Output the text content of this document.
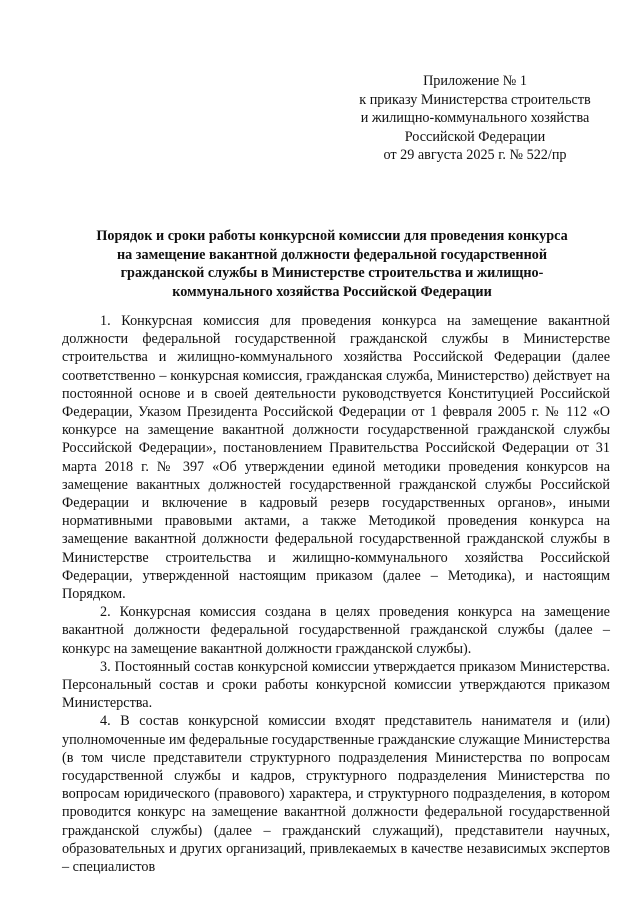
Приложение № 1
к приказу Министерства строительств
и жилищно-коммунального хозяйства
Российской Федерации
от 29 августа 2025 г. № 522/пр
Порядок и сроки работы конкурсной комиссии для проведения конкурса
на замещение вакантной должности федеральной государственной
гражданской службы в Министерстве строительства и жилищно-
коммунального хозяйства Российской Федерации

1. Конкурсная комиссия для проведения конкурса на замещение вакантной должности федеральной государственной гражданской службы в Министерстве строительства и жилищно-коммунального хозяйства Российской Федерации (далее соответственно – конкурсная комиссия, гражданская служба, Министерство) действует на постоянной основе и в своей деятельности руководствуется Конституцией Российской Федерации, Указом Президента Российской Федерации от 1 февраля 2005 г. № 112 «О конкурсе на замещение вакантной должности государственной гражданской службы Российской Федерации», постановлением Правительства Российской Федерации от 31 марта 2018 г. № 397 «Об утверждении единой методики проведения конкурсов на замещение вакантных должностей государственной гражданской службы Российской Федерации и включение в кадровый резерв государственных органов», иными нормативными правовыми актами, а также Методикой проведения конкурса на замещение вакантной должности федеральной государственной гражданской службы в Министерстве строительства и жилищно-коммунального хозяйства Российской Федерации, утвержденной настоящим приказом (далее – Методика), и настоящим Порядком.

2. Конкурсная комиссия создана в целях проведения конкурса на замещение вакантной должности федеральной государственной гражданской службы (далее – конкурс на замещение вакантной должности гражданской службы).

3. Постоянный состав конкурсной комиссии утверждается приказом Министерства. Персональный состав и сроки работы конкурсной комиссии утверждаются приказом Министерства.

4. В состав конкурсной комиссии входят представитель нанимателя и (или) уполномоченные им федеральные государственные гражданские служащие Министерства (в том числе представители структурного подразделения Министерства по вопросам государственной службы и кадров, структурного подразделения Министерства по вопросам юридического (правового) характера, и структурного подразделения, в котором проводится конкурс на замещение вакантной должности федеральной государственной гражданской службы) (далее – гражданский служащий), представители научных, образовательных и других организаций, привлекаемых в качестве независимых экспертов – специалистов
